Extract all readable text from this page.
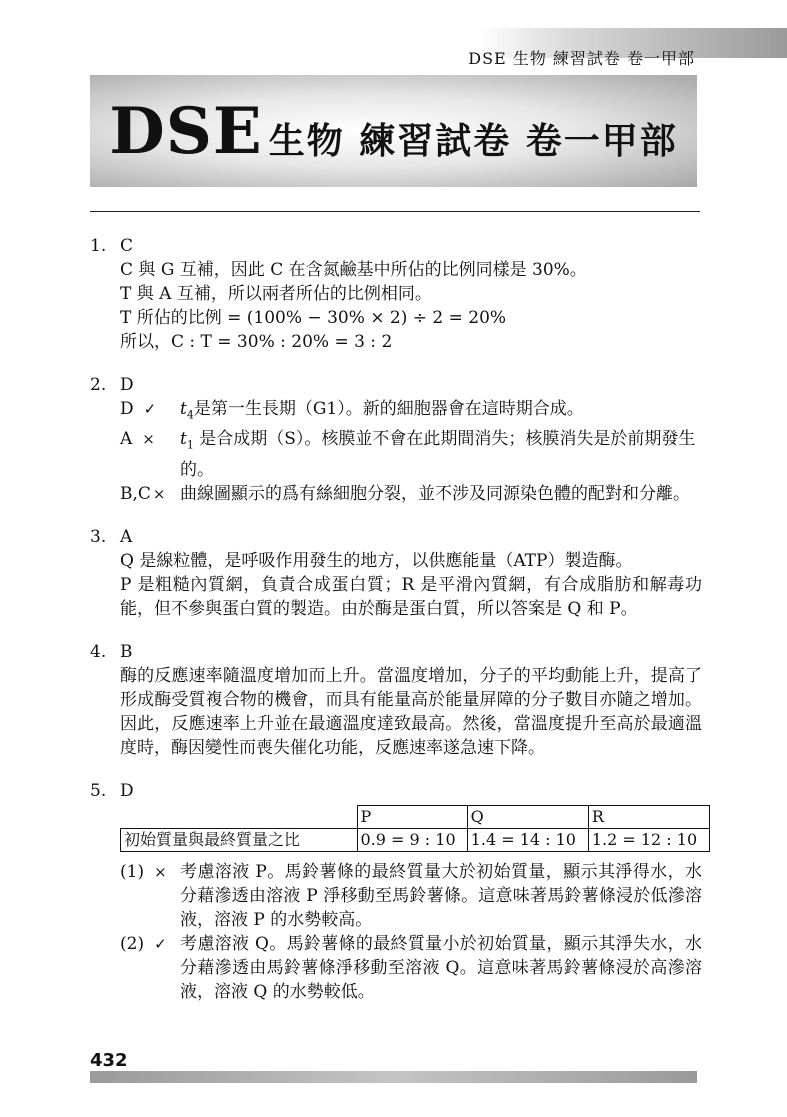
DSE 生物 練習試卷 卷一甲部
DSE 生物 練習試卷 卷一甲部
1. C
C 與 G 互補，因此 C 在含氮鹼基中所佔的比例同樣是 30%。
T 與 A 互補，所以兩者所佔的比例相同。
T 所佔的比例 = (100% − 30% × 2) ÷ 2 = 20%
所以，C : T = 30% : 20% = 3 : 2
2. D
D ✓	$t_4$是第一生長期（G1）。新的細胞器會在這時期合成。
A ×	$t_1$ 是合成期（S）。核膜並不會在此期間消失；核膜消失是於前期發生的。
B,C × 曲線圖顯示的爲有絲細胞分裂，並不涉及同源染色體的配對和分離。
3. A
Q 是線粒體，是呼吸作用發生的地方，以供應能量（ATP）製造酶。
P 是粗糙內質網，負責合成蛋白質；R 是平滑內質網，有合成脂肪和解毒功能，但不參與蛋白質的製造。由於酶是蛋白質，所以答案是 Q 和 P。
4. B
酶的反應速率隨溫度增加而上升。當溫度增加，分子的平均動能上升，提高了形成酶受質複合物的機會，而具有能量高於能量屏障的分子數目亦隨之增加。因此，反應速率上升並在最適溫度達致最高。然後，當溫度提升至高於最適溫度時，酶因變性而喪失催化功能，反應速率遂急速下降。
5. D
	P	Q	R
初始質量與最終質量之比	0.9 = 9 : 10	1.4 = 14 : 10	1.2 = 12 : 10
(1) × 考慮溶液 P。馬鈴薯條的最終質量大於初始質量，顯示其淨得水，水分藉滲透由溶液 P 淨移動至馬鈴薯條。這意味著馬鈴薯條浸於低滲溶液，溶液 P 的水勢較高。
(2) ✓ 考慮溶液 Q。馬鈴薯條的最終質量小於初始質量，顯示其淨失水，水分藉滲透由馬鈴薯條淨移動至溶液 Q。這意味著馬鈴薯條浸於高滲溶液，溶液 Q 的水勢較低。
432
